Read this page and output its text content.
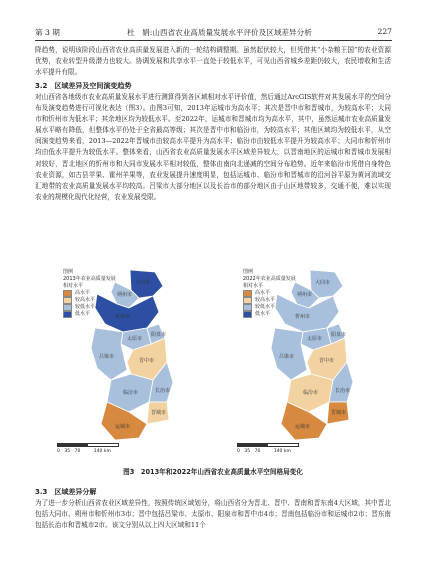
第 3 期	杜　娟:山西省农业高质量发展水平评价及区域差异分析	227
降趋势，说明该阶段山西省农业高质量发展进入新的一轮结构调整期。虽然起伏较大，但凭借其“小杂粮王国”的农业资源优势，农业转型升级潜力也较大。协调发展和共享水平一直处于较低水平，可见山西省城乡差距仍较大，农民增收和生活水平提升有限。
3.2　区域差异及空间演变趋势
对山西省各地级市农业高质量发展水平进行测算得到各区域相对水平评价值，然后通过ArcGIS软件对其发展水平的空间分布及演变趋势进行可视化表达（图3）。由图3可知，2013年运城市为高水平；其次是晋中市和晋城市，为较高水平；大同市和忻州市为低水平；其余地区均为较低水平。至2022年，运城市和晋城市均为高水平，其中，虽然运城市农业高质量发展水平略有降低，但整体水平仍处于全省最高等级；其次是晋中市和临汾市，为较高水平；其他区域均为较低水平，从空间演变趋势来看，2013—2022年晋城市由较高水平提升为高水平；临汾市由较低水平提升为较高水平；大同市和忻州市均由低水平提升为较低水平。整体来看，山西省农业高质量发展水平区域差异较大，以晋南地区的运城市和晋城市发展相对较好，晋北地区的忻州市和大同市发展水平相对较低，整体由南向北递减的空间分布趋势。近年来临汾市凭借自身特色农业资源，如古县苹果、霍州羊果等，农业发展提升速度明显，包括运城市、临汾市和晋城市的沿河谷平原为黄河流域交汇地带的农业高质量发展水平均较高。吕梁市大部分地区以及长治市的部分地区由于山区地带较多，交通不便，难以实现农业的规模化现代化经营，农业发展受限。
大同市
朔州市
忻州市
阳泉市
太原市
吕梁市
晋中市
长治市
临汾市
晋城市
运城市
图例
2013年农业高质量发展
相对水平
高水平
较高水平
较低水平
低水平
0　35　70　　　140 km
大同市
朔州市
忻州市
阳泉市
太原市
吕梁市
晋中市
长治市
临汾市
晋城市
运城市
图例
2022年农业高质量发展
相对水平
高水平
较高水平
较低水平
低水平
0　35　70　　　140 km
图3　2013年和2022年山西省农业高质量水平空间格局变化
3.3　区域差异分解
为了进一步分析山西省农业区域差异性，按照传统区域划分，将山西省分为晋北、晋中、晋南和晋东南4大区域，其中晋北包括大同市、朔州市和忻州市3市；晋中包括吕梁市、太原市、阳泉市和晋中市4市；晋南包括临汾市和运城市2市；晋东南包括长治市和晋城市2市。该文分别从以上四大区域和11个
